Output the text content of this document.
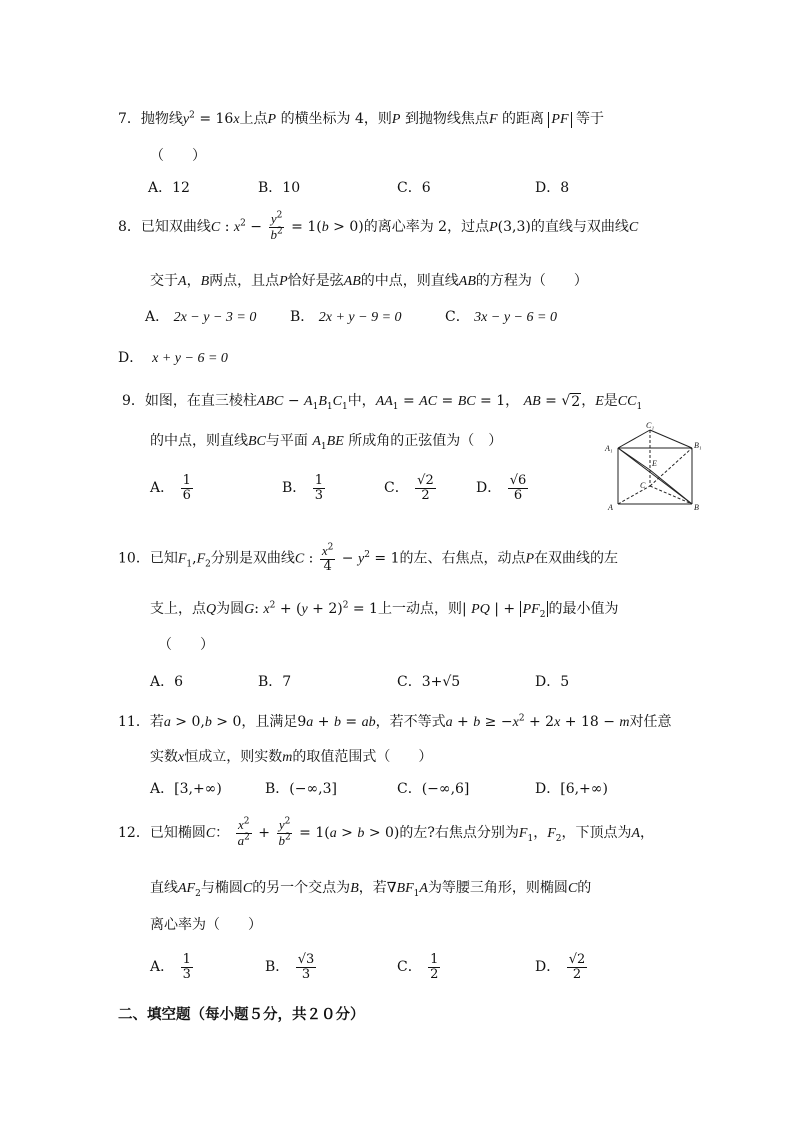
7．抛物线$y^2 = 16x$上点P 的横坐标为 4，则P 到抛物线焦点F 的距离 PF 等于
（　　）
A．12	B．10	C．6	D．8
8．已知双曲线C : $x^2 - \frac{y^2}{b^2} = 1(b > 0)$的离心率为 2，过点P(3,3)的直线与双曲线C
交于A，B两点，且点P恰好是弦AB的中点，则直线AB的方程为（　　）
A． 2x − y − 3 = 0 B． 2x + y − 9 = 0	C． 3x − y − 6 = 0
D． x + y − 6 = 0
9．如图，在直三棱柱ABC − $A_1B_1C_1$中，$AA_1$ = AC = BC = 1， AB = √ 2 ，E是$CC_1$
的中点，则直线BC与平面 $A_1BE$ 所成角的正弦值为（　）
A． $\frac{1}{6}$	B． $\frac{1}{3}$	C． $\frac{√2}{2}$	D． $\frac{√6}{6}$
C₁
A₁	B₁
E
C
A	B
10．已知$F_1,F_2$分别是双曲线C : $\frac{x^2}{4} - y^2 = 1$的左、右焦点，动点P在双曲线的左
支上，点Q为圆G: $x^2 + (y + 2)^2 = 1$上一动点，则| PQ | + $PF_2$ 的最小值为
（　　）
A．6	B．7	C．3+√5	D．5
11．若a > 0,b > 0，且满足9a + b = ab，若不等式$a + b \ge -x^2 + 2x + 18 - m$对任意
实数x恒成立，则实数m的取值范围式（　　）
A．[3,+∞)	B．(−∞,3]	C．(−∞,6]	D．[6,+∞)
12．已知椭圆C： $\frac{x^2}{a^2} + \frac{y^2}{b^2} = 1(a > b > 0)$的左?右焦点分别为$F_1$，$F_2$，下顶点为A，
直线$AF_2$与椭圆C的另一个交点为B，若$\nabla BF_1A$为等腰三角形，则椭圆C的
离心率为（　　）
A． $\frac{1}{3}$	B． $\frac{√3}{3}$	C． $\frac{1}{2}$	D． $\frac{√2}{2}$
二、填空题（每小题５分，共２０分）
